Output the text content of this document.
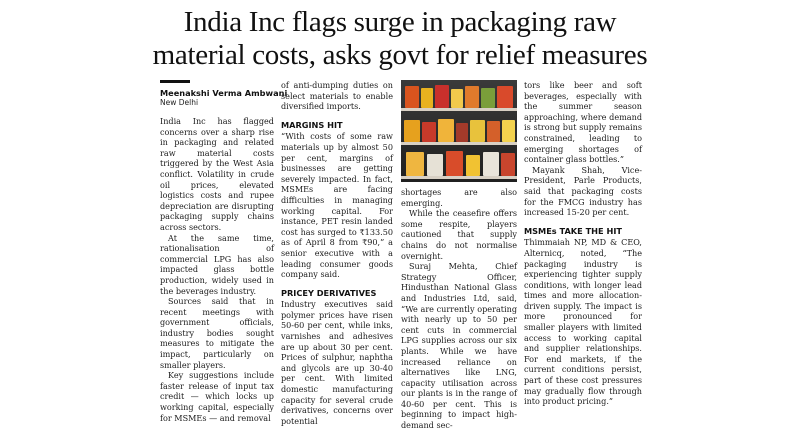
India Inc flags surge in packaging raw
material costs, asks govt for relief measures
Meenakshi Verma Ambwani
New Delhi

India Inc has flagged concerns over a sharp rise in packaging and related raw material costs triggered by the West Asia conflict. Volatility in crude oil prices, elevated logistics costs and rupee depreciation are disrupting packaging supply chains across sectors.

At the same time, rationalisation of commercial LPG has also impacted glass bottle production, widely used in the beverages industry.

Sources said that in recent meetings with government officials, industry bodies sought measures to mitigate the impact, particularly on smaller players.

Key suggestions include faster release of input tax credit — which locks up working capital, especially for MSMEs — and removal

of anti-dumping duties on select materials to enable diversified imports.

MARGINS HIT

“With costs of some raw materials up by almost 50 per cent, margins of businesses are getting severely impacted. In fact, MSMEs are facing difficulties in managing working capital. For instance, PET resin landed cost has surged to ₹133.50 as of April 8 from ₹90,” a senior executive with a leading consumer goods company said.

PRICEY DERIVATIVES

Industry executives said polymer prices have risen 50-60 per cent, while inks, varnishes and adhesives are up about 30 per cent. Prices of sulphur, naphtha and glycols are up 30-40 per cent. With limited domestic manufacturing capacity for several crude derivatives, concerns over potential

shortages are also emerging.

While the ceasefire offers some respite, players cautioned that supply chains do not normalise overnight.

Suraj Mehta, Chief Strategy Officer, Hindusthan National Glass and Industries Ltd, said, “We are currently operating with nearly up to 50 per cent cuts in commercial LPG supplies across our six plants. While we have increased reliance on alternatives like LNG, capacity utilisation across our plants is in the range of 40-60 per cent. This is beginning to impact high-demand sec-

tors like beer and soft beverages, especially with the summer season approaching, where demand is strong but supply remains constrained, leading to emerging shortages of container glass bottles.”

Mayank Shah, Vice-President, Parle Products, said that packaging costs for the FMCG industry has increased 15-20 per cent.

MSMEs TAKE THE HIT

Thimmaiah NP, MD & CEO, Alternicq, noted, “The packaging industry is experiencing tighter supply conditions, with longer lead times and more allocation-driven supply. The impact is more pronounced for smaller players with limited access to working capital and supplier relationships. For end markets, if the current conditions persist, part of these cost pressures may gradually flow through into product pricing.”
